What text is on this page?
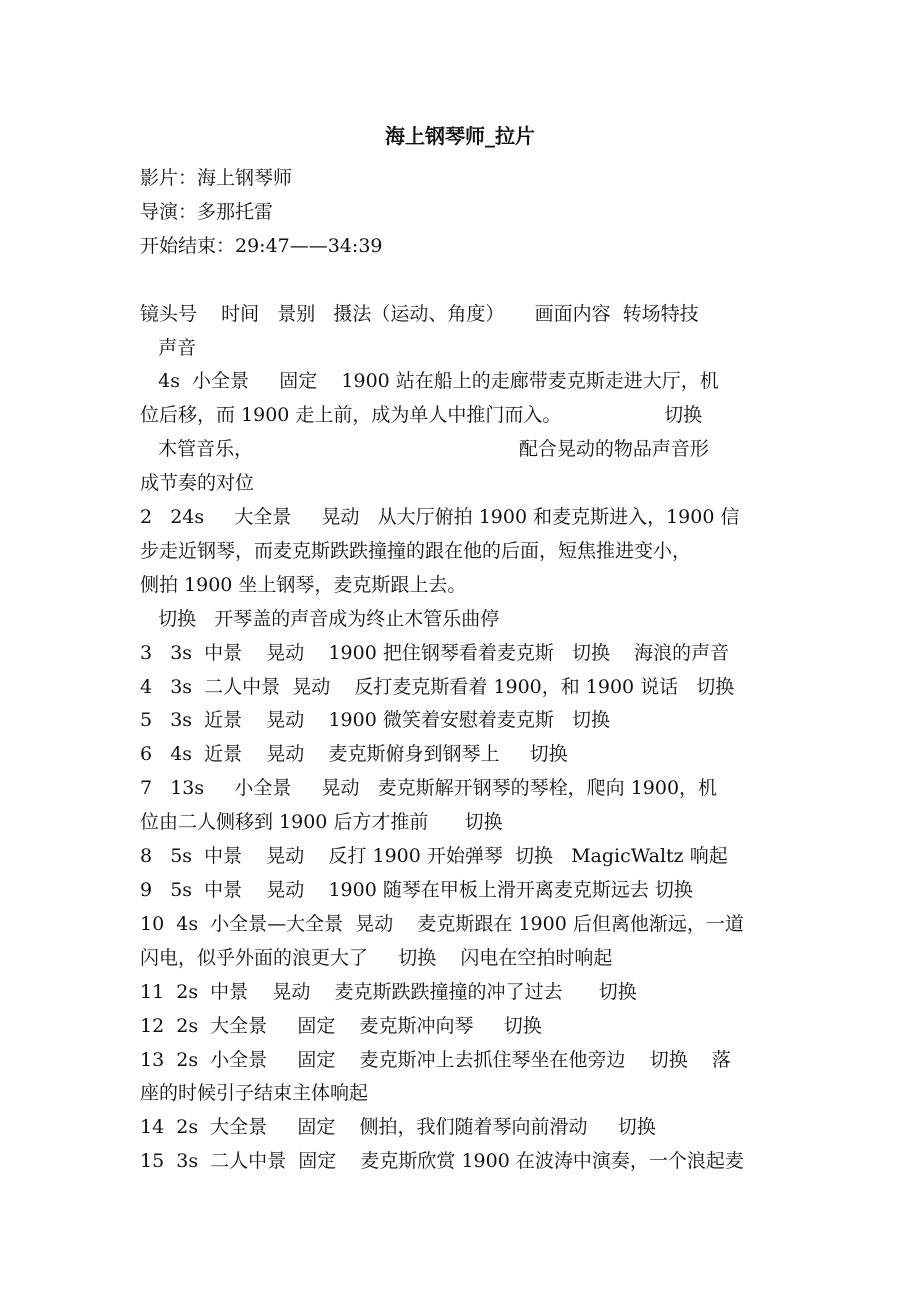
海上钢琴师_拉片
影片：海上钢琴师
导演：多那托雷
开始结束：29:47——34:39
镜头号    时间   景别   摄法（运动、角度）     画面内容  转场特技
声音
4s  小全景     固定    1900 站在船上的走廊带麦克斯走进大厅，机
位后移，而 1900 走上前，成为单人中推门而入。                 切换
木管音乐，                                            配合晃动的物品声音形
成节奏的对位
2   24s     大全景     晃动   从大厅俯拍 1900 和麦克斯进入，1900 信
步走近钢琴，而麦克斯跌跌撞撞的跟在他的后面，短焦推进变小，
侧拍 1900 坐上钢琴，麦克斯跟上去。
切换   开琴盖的声音成为终止木管乐曲停
3   3s  中景    晃动    1900 把住钢琴看着麦克斯   切换    海浪的声音
4   3s  二人中景  晃动    反打麦克斯看着 1900，和 1900 说话   切换
5   3s  近景    晃动    1900 微笑着安慰着麦克斯   切换
6   4s  近景    晃动    麦克斯俯身到钢琴上     切换
7   13s     小全景     晃动   麦克斯解开钢琴的琴栓，爬向 1900，机
位由二人侧移到 1900 后方才推前      切换
8   5s  中景    晃动    反打 1900 开始弹琴  切换   MagicWaltz 响起
9   5s  中景    晃动    1900 随琴在甲板上滑开离麦克斯远去 切换
10  4s  小全景—大全景  晃动    麦克斯跟在 1900 后但离他渐远，一道
闪电，似乎外面的浪更大了     切换    闪电在空拍时响起
11  2s  中景    晃动    麦克斯跌跌撞撞的冲了过去      切换
12  2s  大全景     固定    麦克斯冲向琴     切换
13  2s  小全景     固定    麦克斯冲上去抓住琴坐在他旁边    切换    落
座的时候引子结束主体响起
14  2s  大全景     固定    侧拍，我们随着琴向前滑动     切换
15  3s  二人中景  固定    麦克斯欣赏 1900 在波涛中演奏，一个浪起麦
